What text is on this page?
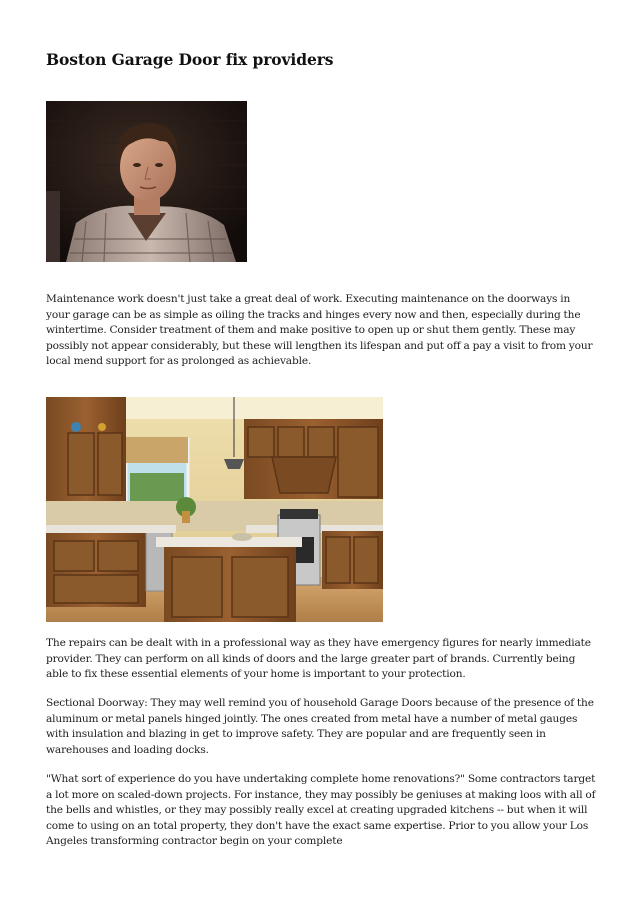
Boston Garage Door fix providers

Maintenance work doesn't just take a great deal of work. Executing maintenance on the doorways in your garage can be as simple as oiling the tracks and hinges every now and then, especially during the wintertime. Consider treatment of them and make positive to open up or shut them gently. These may possibly not appear considerably, but these will lengthen its lifespan and put off a pay a visit to from your local mend support for as prolonged as achievable.

The repairs can be dealt with in a professional way as they have emergency figures for nearly immediate provider. They can perform on all kinds of doors and the large greater part of brands. Currently being able to fix these essential elements of your home is important to your protection.

Sectional Doorway: They may well remind you of household Garage Doors because of the presence of the aluminum or metal panels hinged jointly. The ones created from metal have a number of metal gauges with insulation and blazing in get to improve safety. They are popular and are frequently seen in warehouses and loading docks.

"What sort of experience do you have undertaking complete home renovations?" Some contractors target a lot more on scaled-down projects. For instance, they may possibly be geniuses at making loos with all of the bells and whistles, or they may possibly really excel at creating upgraded kitchens -- but when it will come to using on an total property, they don't have the exact same expertise. Prior to you allow your Los Angeles transforming contractor begin on your complete
